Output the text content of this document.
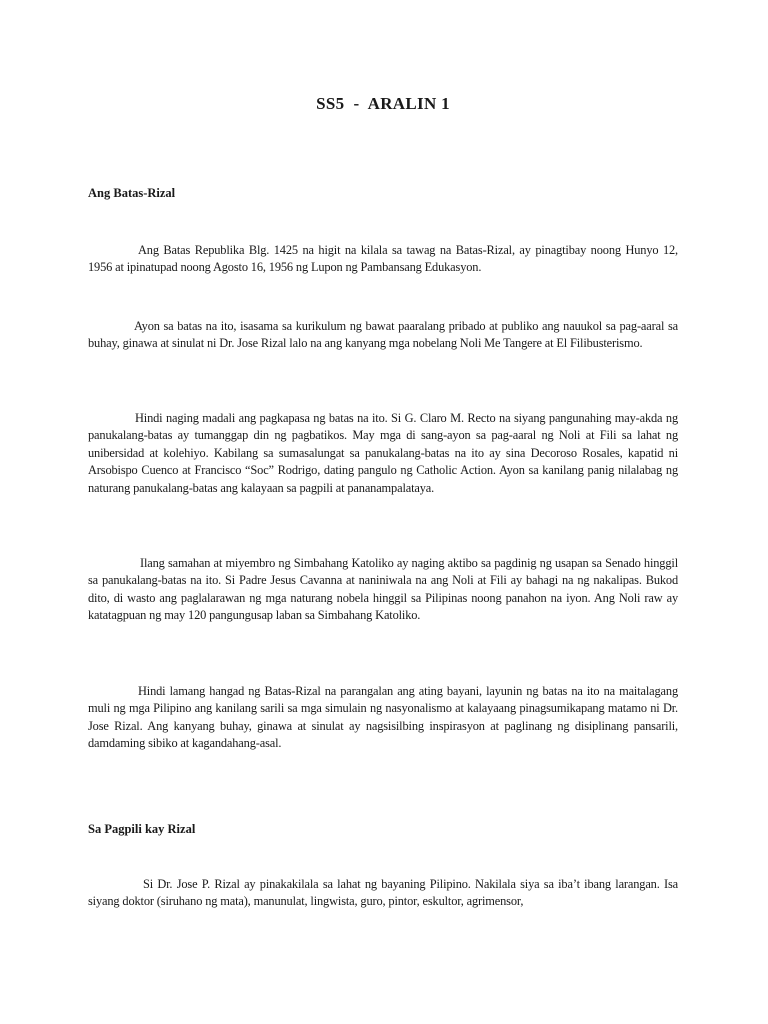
SS5  -  ARALIN 1
Ang Batas-Rizal

Ang Batas Republika Blg. 1425 na higit na kilala sa tawag na Batas-Rizal, ay pinagtibay noong Hunyo 12, 1956 at ipinatupad noong Agosto 16, 1956 ng Lupon ng Pambansang Edukasyon.

Ayon sa batas na ito, isasama sa kurikulum ng bawat paaralang pribado at publiko ang nauukol sa pag-aaral sa buhay, ginawa at sinulat ni Dr. Jose Rizal lalo na ang kanyang mga nobelang Noli Me Tangere at El Filibusterismo.

Hindi naging madali ang pagkapasa ng batas na ito. Si G. Claro M. Recto na siyang pangunahing may-akda ng panukalang-batas ay tumanggap din ng pagbatikos. May mga di sang-ayon sa pag-aaral ng Noli at Fili sa lahat ng unibersidad at kolehiyo. Kabilang sa sumasalungat sa panukalang-batas na ito ay sina Decoroso Rosales, kapatid ni Arsobispo Cuenco at Francisco “Soc” Rodrigo, dating pangulo ng Catholic Action. Ayon sa kanilang panig nilalabag ng naturang panukalang-batas ang kalayaan sa pagpili at pananampalataya.

Ilang samahan at miyembro ng Simbahang Katoliko ay naging aktibo sa pagdinig ng usapan sa Senado hinggil sa panukalang-batas na ito. Si Padre Jesus Cavanna at naniniwala na ang Noli at Fili ay bahagi na ng nakalipas. Bukod dito, di wasto ang paglalarawan ng mga naturang nobela hinggil sa Pilipinas noong panahon na iyon. Ang Noli raw ay katatagpuan ng may 120 pangungusap laban sa Simbahang Katoliko.

Hindi lamang hangad ng Batas-Rizal na parangalan ang ating bayani, layunin ng batas na ito na maitalagang muli ng mga Pilipino ang kanilang sarili sa mga simulain ng nasyonalismo at kalayaang pinagsumikapang matamo ni Dr. Jose Rizal. Ang kanyang buhay, ginawa at sinulat ay nagsisilbing inspirasyon at paglinang ng disiplinang pansarili, damdaming sibiko at kagandahang-asal.

Sa Pagpili kay Rizal

Si Dr. Jose P. Rizal ay pinakakilala sa lahat ng bayaning Pilipino. Nakilala siya sa iba’t ibang larangan. Isa siyang doktor (siruhano ng mata), manunulat, lingwista, guro, pintor, eskultor, agrimensor,
